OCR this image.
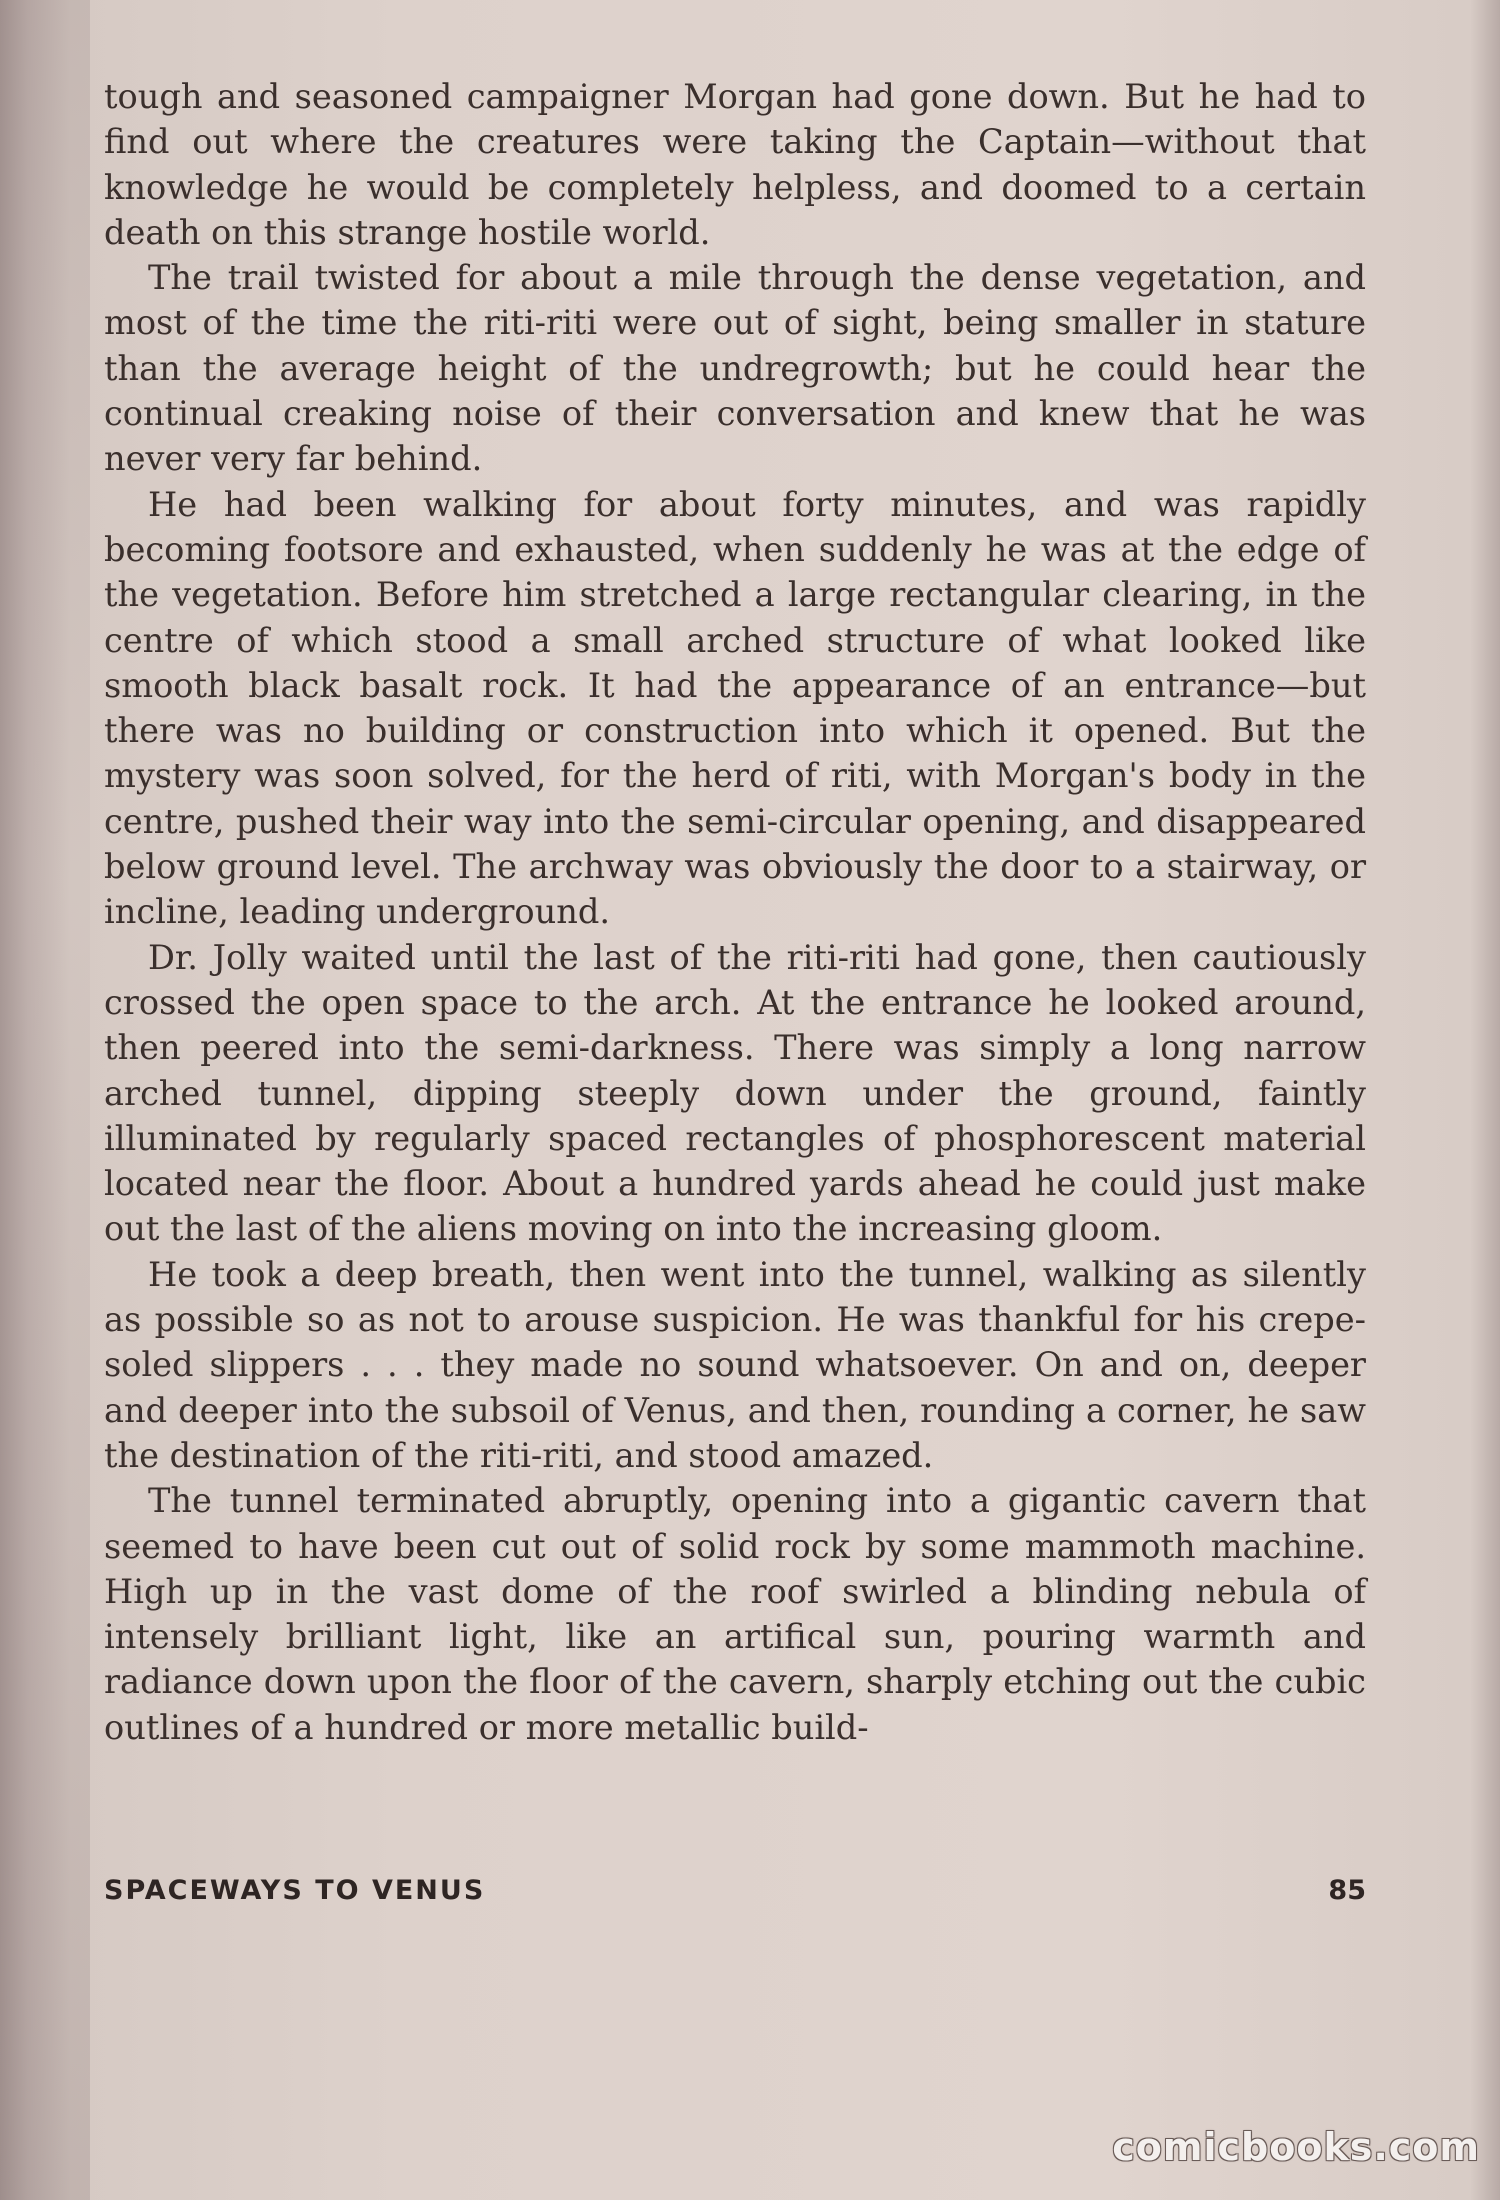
tough and seasoned campaigner Morgan had gone down. But he had to find out where the creatures were taking the Captain—without that knowledge he would be completely helpless, and doomed to a certain death on this strange hostile world.

The trail twisted for about a mile through the dense vegetation, and most of the time the riti-riti were out of sight, being smaller in stature than the average height of the undregrowth; but he could hear the continual creaking noise of their conversation and knew that he was never very far behind.

He had been walking for about forty minutes, and was rapidly becoming footsore and exhausted, when suddenly he was at the edge of the vegetation. Before him stretched a large rectangular clearing, in the centre of which stood a small arched structure of what looked like smooth black basalt rock. It had the appearance of an entrance—but there was no building or construction into which it opened. But the mystery was soon solved, for the herd of riti, with Morgan's body in the centre, pushed their way into the semi-circular opening, and disappeared below ground level. The archway was obviously the door to a stairway, or incline, leading underground.

Dr. Jolly waited until the last of the riti-riti had gone, then cautiously crossed the open space to the arch. At the entrance he looked around, then peered into the semi-darkness. There was simply a long narrow arched tunnel, dipping steeply down under the ground, faintly illuminated by regularly spaced rectangles of phosphorescent material located near the floor. About a hundred yards ahead he could just make out the last of the aliens moving on into the increasing gloom.

He took a deep breath, then went into the tunnel, walking as silently as possible so as not to arouse suspicion. He was thankful for his crepe-soled slippers . . . they made no sound whatsoever. On and on, deeper and deeper into the subsoil of Venus, and then, rounding a corner, he saw the destination of the riti-riti, and stood amazed.

The tunnel terminated abruptly, opening into a gigantic cavern that seemed to have been cut out of solid rock by some mammoth machine. High up in the vast dome of the roof swirled a blinding nebula of intensely brilliant light, like an artifical sun, pouring warmth and radiance down upon the floor of the cavern, sharply etching out the cubic outlines of a hundred or more metallic build-

SPACEWAYS TO VENUS	85
comicbooks.com
